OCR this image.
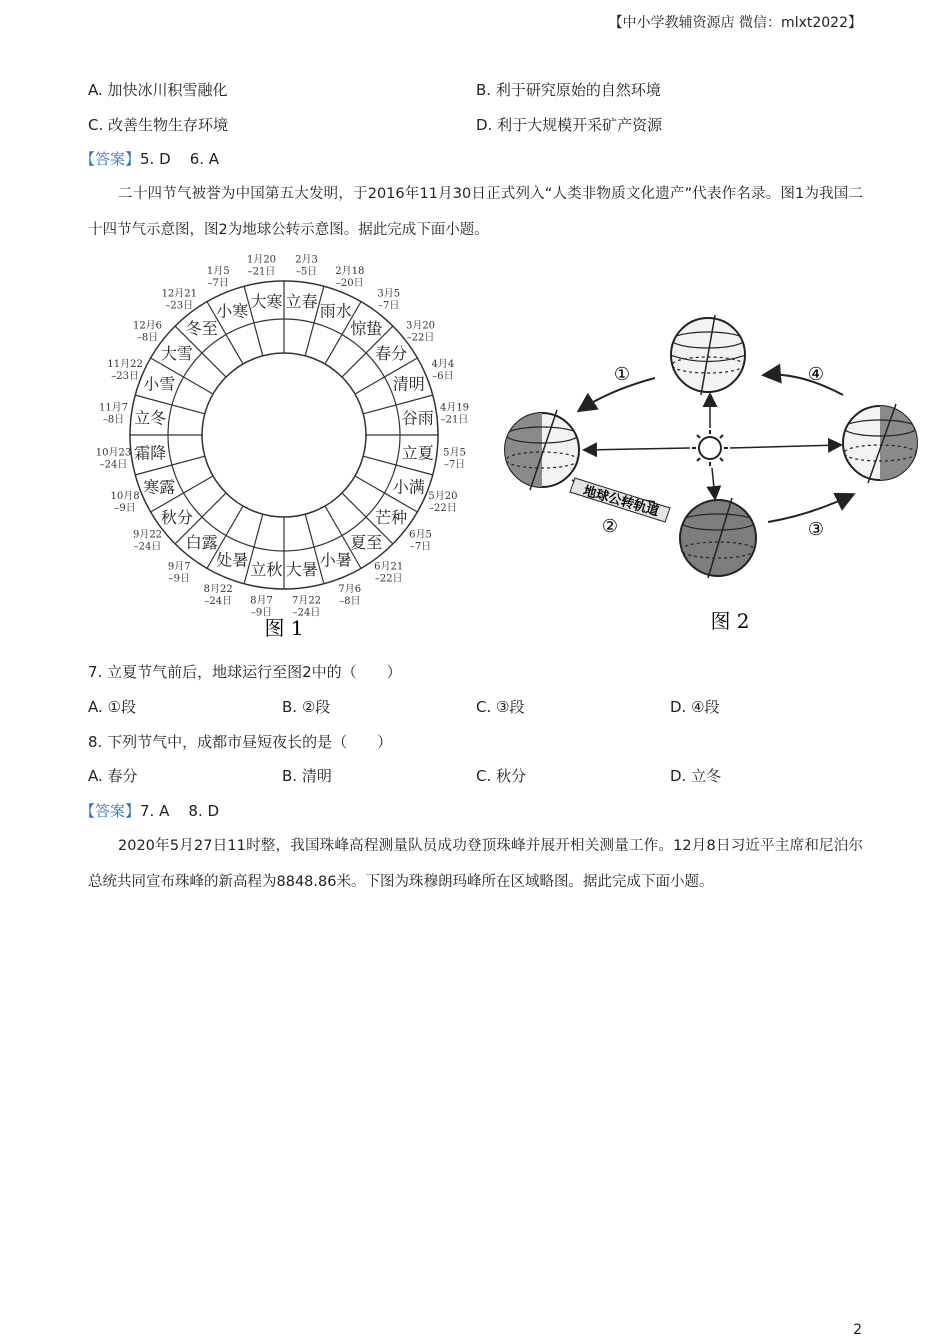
【中小学教辅资源店 微信：mlxt2022】
A. 加快冰川积雪融化	B. 利于研究原始的自然环境
C. 改善生物生存环境	D. 利于大规模开采矿产资源
【答案】5. D    6. A
二十四节气被誉为中国第五大发明，于2016年11月30日正式列入“人类非物质文化遗产”代表作名录。图1为我国二十四节气示意图，图2为地球公转示意图。据此完成下面小题。
立春
2月3 –5日
雨水
2月18 –20日
惊蛰
3月5 –7日
春分
3月20 –22日
清明
4月4 –6日
谷雨
4月19 –21日
立夏 5月5 –7日
小满 5月20 –22日
芒种
6月5 –7日
夏至
6月21 –22日
小暑
7月6 –8日
大暑
7月22 –24日
立秋
8月7 –9日
处暑
8月22 –24日
白露
9月7 –9日
秋分
9月22 –24日
寒露
10月8 –9日
霜降
10月23 –24日
立冬
11月7 –8日
小雪
11月22 –23日
大雪
12月6 –8日 冬至
12月21 –23日 小寒
1月5 –7日
大寒
1月20 –21日
图 1
地球公转轨道
①
②	③
④
图 2
7. 立夏节气前后，地球运行至图2中的（　　）
A. ①段	B. ②段	C. ③段	D. ④段
8. 下列节气中，成都市昼短夜长的是（　　）
A. 春分	B. 清明	C. 秋分	D. 立冬
【答案】7. A    8. D
2020年5月27日11时整，我国珠峰高程测量队员成功登顶珠峰并展开相关测量工作。12月8日习近平主席和尼泊尔总统共同宣布珠峰的新高程为8848.86米。下图为珠穆朗玛峰所在区域略图。据此完成下面小题。
2
